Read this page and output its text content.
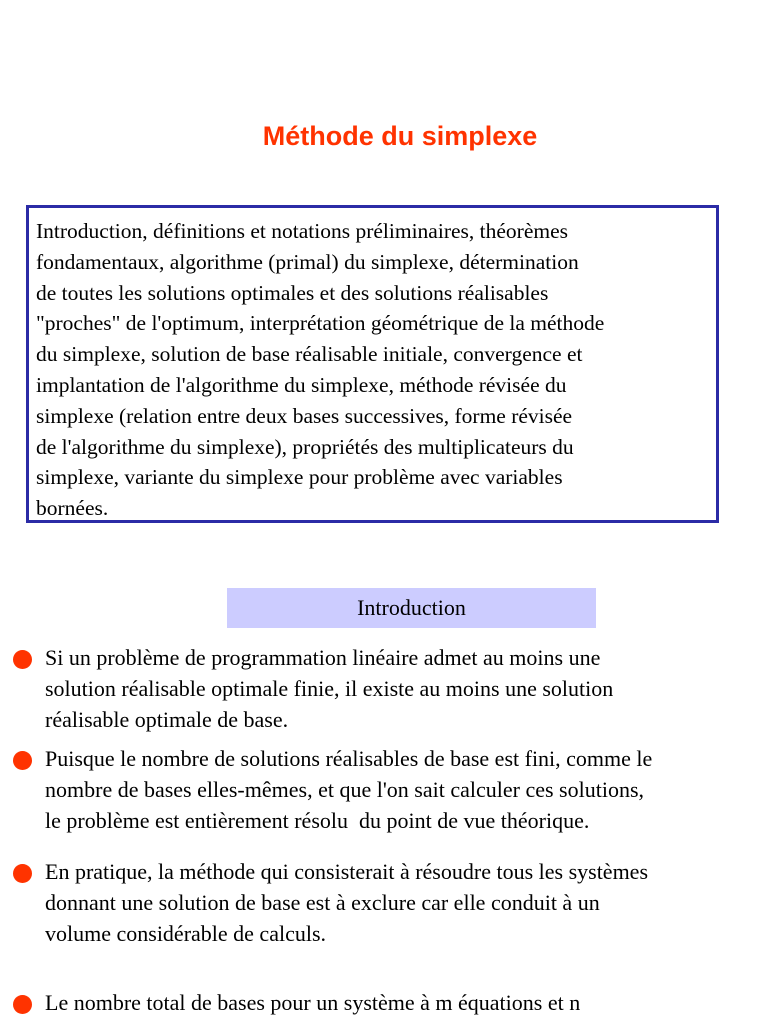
Méthode du simplexe

Introduction, définitions et notations préliminaires, théorèmes
fondamentaux, algorithme (primal) du simplexe, détermination
de toutes les solutions optimales et des solutions réalisables
"proches" de l'optimum, interprétation géométrique de la méthode
du simplexe, solution de base réalisable initiale, convergence et
implantation de l'algorithme du simplexe, méthode révisée du
simplexe (relation entre deux bases successives, forme révisée
de l'algorithme du simplexe), propriétés des multiplicateurs du
simplexe, variante du simplexe pour problème avec variables
bornées.

Introduction

Si un problème de programmation linéaire admet au moins une
solution réalisable optimale finie, il existe au moins une solution
réalisable optimale de base.

Puisque le nombre de solutions réalisables de base est fini, comme le
nombre de bases elles-mêmes, et que l'on sait calculer ces solutions,
le problème est entièrement résolu  du point de vue théorique.

En pratique, la méthode qui consisterait à résoudre tous les systèmes
donnant une solution de base est à exclure car elle conduit à un
volume considérable de calculs.

Le nombre total de bases pour un système à m équations et n
